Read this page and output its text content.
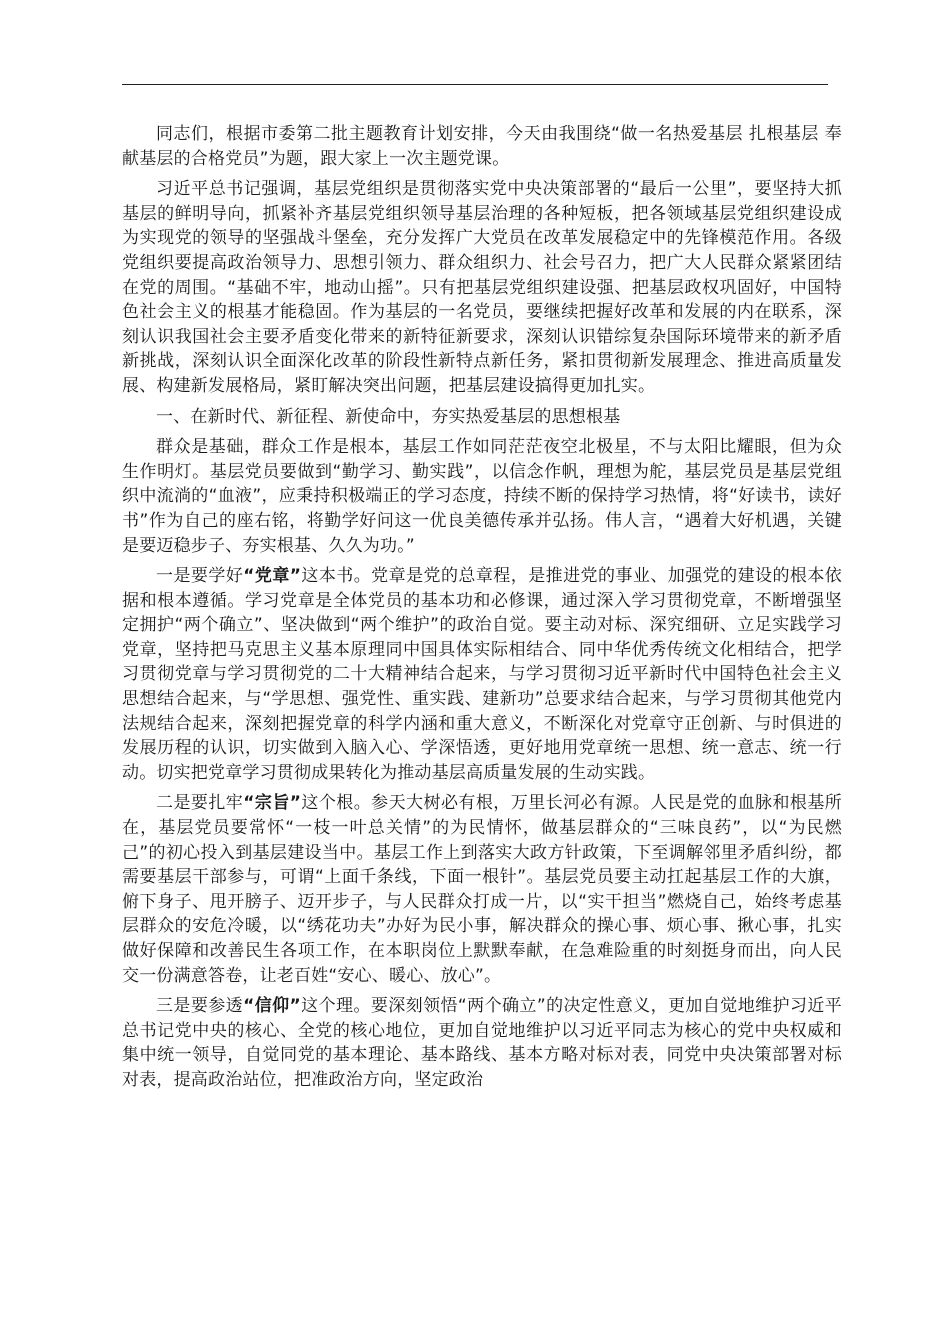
同志们，根据市委第二批主题教育计划安排，今天由我围绕“做一名热爱基层 扎根基层 奉献基层的合格党员”为题，跟大家上一次主题党课。

习近平总书记强调，基层党组织是贯彻落实党中央决策部署的“最后一公里”，要坚持大抓基层的鲜明导向，抓紧补齐基层党组织领导基层治理的各种短板，把各领域基层党组织建设成为实现党的领导的坚强战斗堡垒，充分发挥广大党员在改革发展稳定中的先锋模范作用。各级党组织要提高政治领导力、思想引领力、群众组织力、社会号召力，把广大人民群众紧紧团结在党的周围。“基础不牢，地动山摇”。只有把基层党组织建设强、把基层政权巩固好，中国特色社会主义的根基才能稳固。作为基层的一名党员，要继续把握好改革和发展的内在联系，深刻认识我国社会主要矛盾变化带来的新特征新要求，深刻认识错综复杂国际环境带来的新矛盾新挑战，深刻认识全面深化改革的阶段性新特点新任务，紧扣贯彻新发展理念、推进高质量发展、构建新发展格局，紧盯解决突出问题，把基层建设搞得更加扎实。

一、在新时代、新征程、新使命中，夯实热爱基层的思想根基

群众是基础，群众工作是根本，基层工作如同茫茫夜空北极星，不与太阳比耀眼，但为众生作明灯。基层党员要做到“勤学习、勤实践”，以信念作帆，理想为舵，基层党员是基层党组织中流淌的“血液”，应秉持积极端正的学习态度，持续不断的保持学习热情，将“好读书，读好书”作为自己的座右铭，将勤学好问这一优良美德传承并弘扬。伟人言，“遇着大好机遇，关键是要迈稳步子、夯实根基、久久为功。”

一是要学好“党章”这本书。党章是党的总章程，是推进党的事业、加强党的建设的根本依据和根本遵循。学习党章是全体党员的基本功和必修课，通过深入学习贯彻党章，不断增强坚定拥护“两个确立”、坚决做到“两个维护”的政治自觉。要主动对标、深究细研、立足实践学习党章，坚持把马克思主义基本原理同中国具体实际相结合、同中华优秀传统文化相结合，把学习贯彻党章与学习贯彻党的二十大精神结合起来，与学习贯彻习近平新时代中国特色社会主义思想结合起来，与“学思想、强党性、重实践、建新功”总要求结合起来，与学习贯彻其他党内法规结合起来，深刻把握党章的科学内涵和重大意义，不断深化对党章守正创新、与时俱进的发展历程的认识，切实做到入脑入心、学深悟透，更好地用党章统一思想、统一意志、统一行动。切实把党章学习贯彻成果转化为推动基层高质量发展的生动实践。

二是要扎牢“宗旨”这个根。参天大树必有根，万里长河必有源。人民是党的血脉和根基所在，基层党员要常怀“一枝一叶总关情”的为民情怀，做基层群众的“三味良药”，以“为民燃己”的初心投入到基层建设当中。基层工作上到落实大政方针政策，下至调解邻里矛盾纠纷，都需要基层干部参与，可谓“上面千条线，下面一根针”。基层党员要主动扛起基层工作的大旗，俯下身子、甩开膀子、迈开步子，与人民群众打成一片，以“实干担当”燃烧自己，始终考虑基层群众的安危冷暖，以“绣花功夫”办好为民小事，解决群众的操心事、烦心事、揪心事，扎实做好保障和改善民生各项工作，在本职岗位上默默奉献，在急难险重的时刻挺身而出，向人民交一份满意答卷，让老百姓“安心、暖心、放心”。

三是要参透“信仰”这个理。要深刻领悟“两个确立”的决定性意义，更加自觉地维护习近平总书记党中央的核心、全党的核心地位，更加自觉地维护以习近平同志为核心的党中央权威和集中统一领导，自觉同党的基本理论、基本路线、基本方略对标对表，同党中央决策部署对标对表，提高政治站位，把准政治方向，坚定政治
